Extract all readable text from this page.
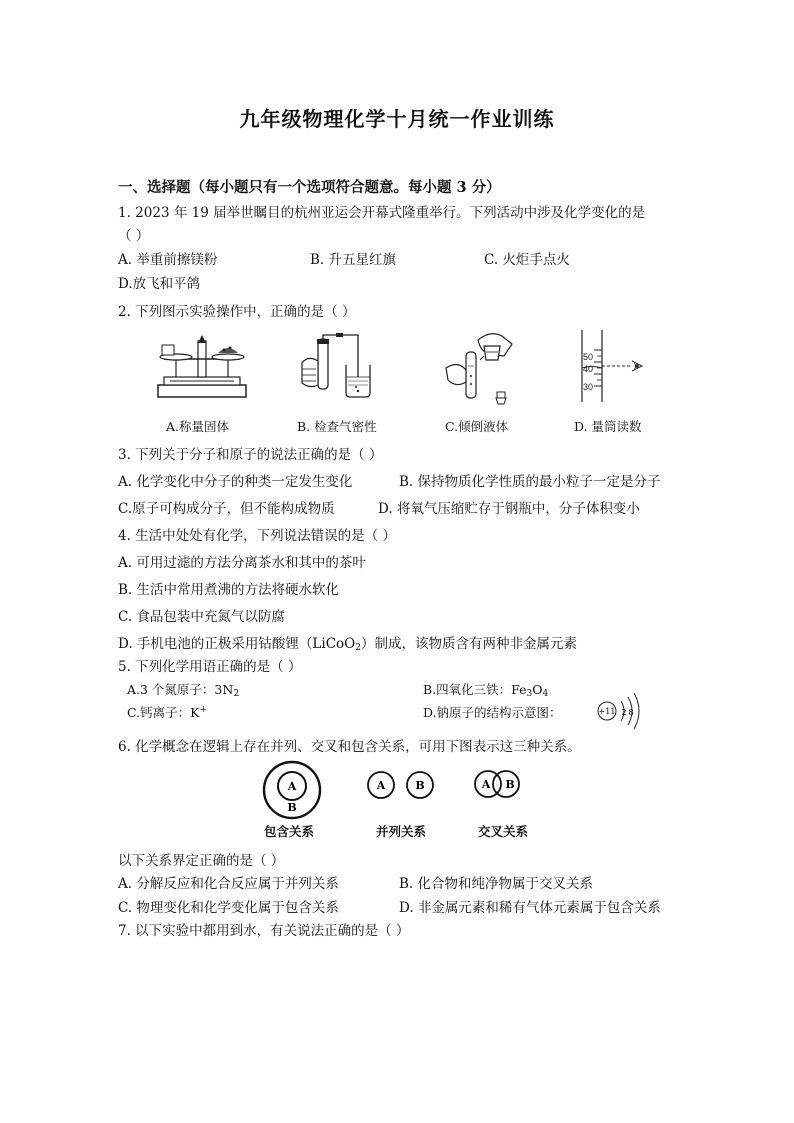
九年级物理化学十月统一作业训练
一、选择题（每小题只有一个选项符合题意。每小题 3 分）
1. 2023 年 19 届举世瞩目的杭州亚运会开幕式隆重举行。下列活动中涉及化学变化的是
（ ）
A. 举重前擦镁粉	B. 升五星红旗	C. 火炬手点火
D.放飞和平鸽
2. 下列图示实验操作中，正确的是（ ）
A.称量固体	B. 检查气密性	C.倾倒液体
50
40
30
D. 量筒读数
3. 下列关于分子和原子的说法正确的是（ ）
A. 化学变化中分子的种类一定发生变化	B. 保持物质化学性质的最小粒子一定是分子
C.原子可构成分子，但不能构成物质	D. 将氧气压缩贮存于钢瓶中，分子体积变小
4. 生活中处处有化学，下列说法错误的是（ ）
A. 可用过滤的方法分离茶水和其中的茶叶
B. 生活中常用煮沸的方法将硬水软化
C. 食品包装中充氮气以防腐
D. 手机电池的正极采用钴酸锂（LiCoO$_2$）制成，该物质含有两种非金属元素
5. 下列化学用语正确的是（ ）
A.3 个氮原子：$3N_2$	B.四氧化三铁：$Fe_3O_4$
C.钙离子：K+	D.钠原子的结构示意图：	+11 2 8
6. 化学概念在逻辑上存在并列、交叉和包含关系，可用下图表示这三种关系。
A
B
A	B	A B
包含关系	并列关系	交叉关系
以下关系界定正确的是（ ）
A. 分解反应和化合反应属于并列关系	B. 化合物和纯净物属于交叉关系
C. 物理变化和化学变化属于包含关系	D. 非金属元素和稀有气体元素属于包含关系
7. 以下实验中都用到水，有关说法正确的是（ ）
